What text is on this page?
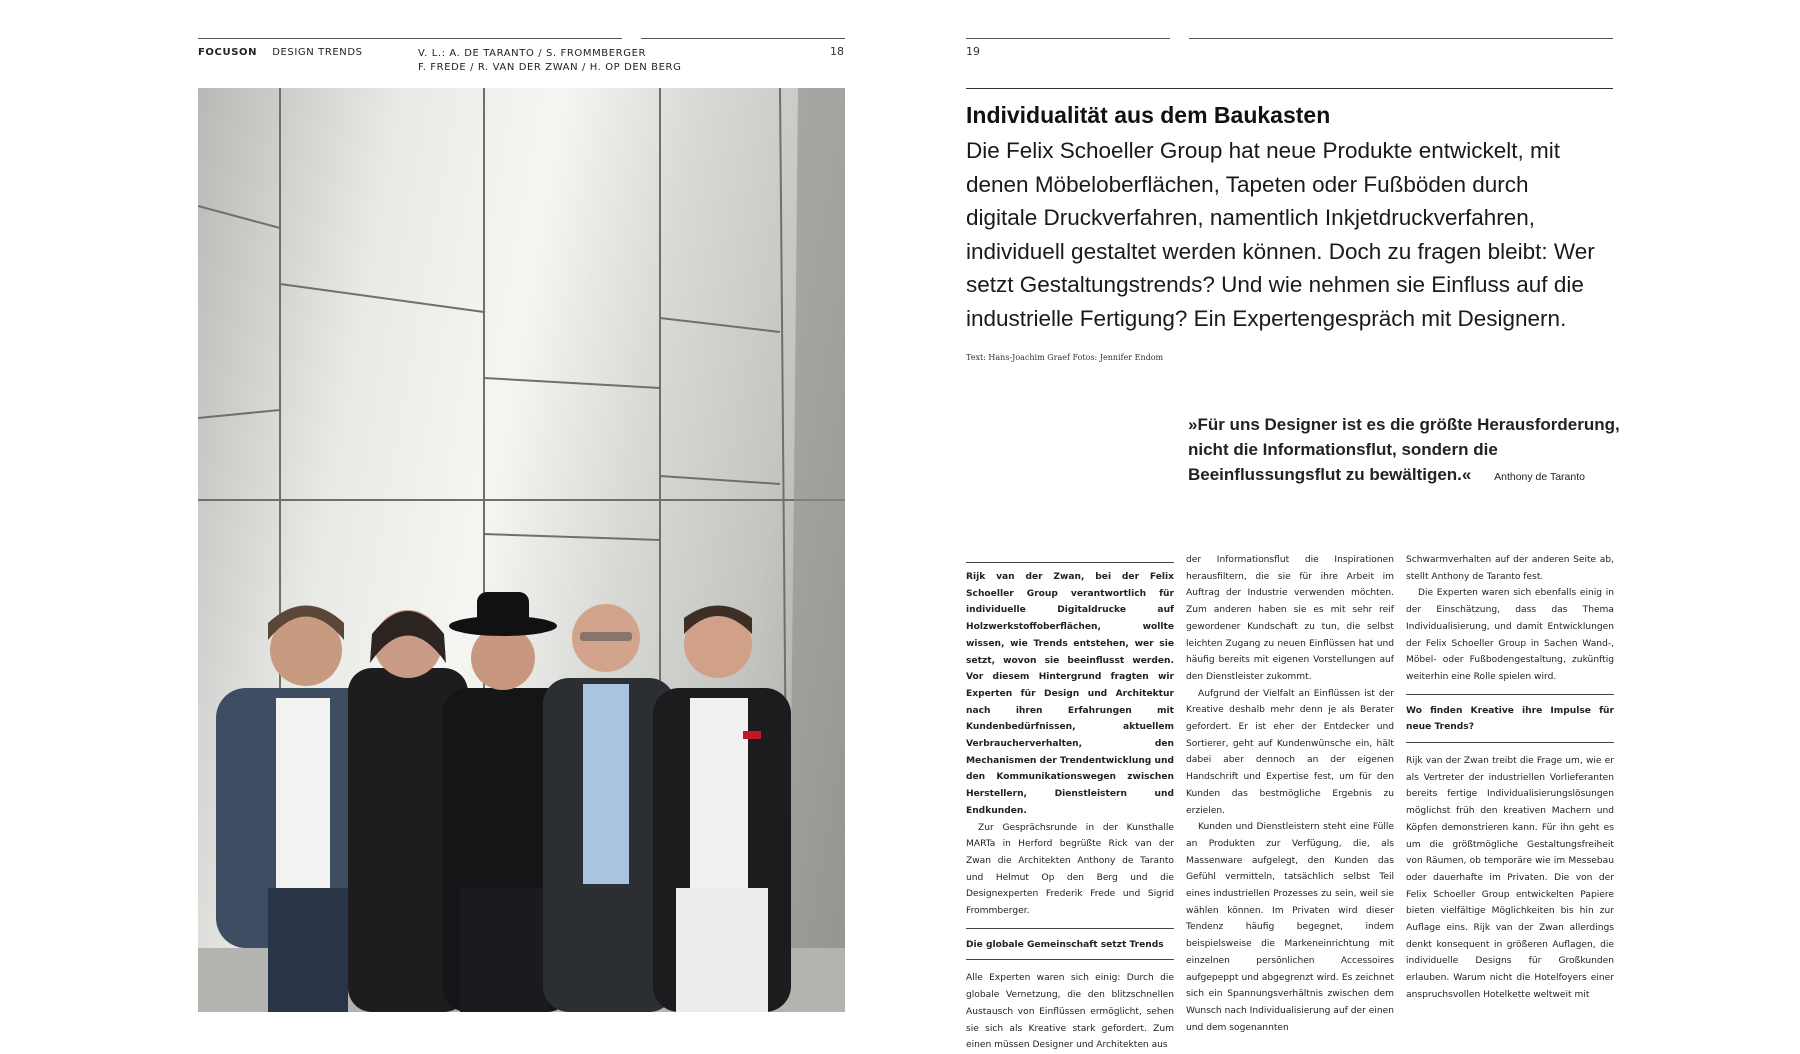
FOCUSON DESIGN TRENDS	V. L.: A. DE TARANTO / S. FROMMBERGER
F. FREDE / R. VAN DER ZWAN / H. OP DEN BERG
18	19
Individualität aus dem Baukasten
Die Felix Schoeller Group hat neue Produkte entwickelt, mit denen Möbeloberflächen, Tapeten oder Fußböden durch digitale Druckverfahren, namentlich Inkjetdruckverfahren, individuell gestaltet werden können. Doch zu fragen bleibt: Wer setzt Gestaltungstrends? Und wie nehmen sie Einfluss auf die industrielle Fertigung? Ein Expertengespräch mit Designern.
Text: Hans-Joachim Graef Fotos: Jennifer Endom
»Für uns Designer ist es die größte Herausforderung, nicht die Informationsflut, sondern die Beeinflussungsflut zu bewältigen.« Anthony de Taranto

Rijk van der Zwan, bei der Felix Schoeller Group verantwortlich für individuelle Digitaldrucke auf Holzwerkstoffoberflächen, wollte wissen, wie Trends entstehen, wer sie setzt, wovon sie beeinflusst werden. Vor diesem Hintergrund fragten wir Experten für Design und Architektur nach ihren Erfahrungen mit Kundenbedürfnissen, aktuellem Verbraucherverhalten, den Mechanismen der Trendentwicklung und den Kommunikationswegen zwischen Herstellern, Dienstleistern und Endkunden.

Zur Gesprächsrunde in der Kunsthalle MARTa in Herford begrüßte Rick van der Zwan die Architekten Anthony de Taranto und Helmut Op den Berg und die Designexperten Frederik Frede und Sigrid Frommberger.

Die globale Gemeinschaft setzt Trends

Alle Experten waren sich einig: Durch die globale Vernetzung, die den blitzschnellen Austausch von Einflüssen ermöglicht, sehen sie sich als Kreative stark gefordert. Zum einen müssen Designer und Architekten aus

der Informationsflut die Inspirationen herausfiltern, die sie für ihre Arbeit im Auftrag der Industrie verwenden möchten. Zum anderen haben sie es mit sehr reif gewordener Kundschaft zu tun, die selbst leichten Zugang zu neuen Einflüssen hat und häufig bereits mit eigenen Vorstellungen auf den Dienstleister zukommt.

Aufgrund der Vielfalt an Einflüssen ist der Kreative deshalb mehr denn je als Berater gefordert. Er ist eher der Entdecker und Sortierer, geht auf Kundenwünsche ein, hält dabei aber dennoch an der eigenen Handschrift und Expertise fest, um für den Kunden das bestmögliche Ergebnis zu erzielen.

Kunden und Dienstleistern steht eine Fülle an Produkten zur Verfügung, die, als Massenware aufgelegt, den Kunden das Gefühl vermitteln, tatsächlich selbst Teil eines industriellen Prozesses zu sein, weil sie wählen können. Im Privaten wird dieser Tendenz häufig begegnet, indem beispielsweise die Markeneinrichtung mit einzelnen persönlichen Accessoires aufgepeppt und abgegrenzt wird. Es zeichnet sich ein Spannungsverhältnis zwischen dem Wunsch nach Individualisierung auf der einen und dem sogenannten

Schwarmverhalten auf der anderen Seite ab, stellt Anthony de Taranto fest.

Die Experten waren sich ebenfalls einig in der Einschätzung, dass das Thema Individualisierung, und damit Entwicklungen der Felix Schoeller Group in Sachen Wand-, Möbel- oder Fußbodengestaltung, zukünftig weiterhin eine Rolle spielen wird.

Wo finden Kreative ihre Impulse für neue Trends?

Rijk van der Zwan treibt die Frage um, wie er als Vertreter der industriellen Vorlieferanten bereits fertige Individualisierungslösungen möglichst früh den kreativen Machern und Köpfen demonstrieren kann. Für ihn geht es um die größtmögliche Gestaltungsfreiheit von Räumen, ob temporäre wie im Messebau oder dauerhafte im Privaten. Die von der Felix Schoeller Group entwickelten Papiere bieten vielfältige Möglichkeiten bis hin zur Auflage eins. Rijk van der Zwan allerdings denkt konsequent in größeren Auflagen, die individuelle Designs für Großkunden erlauben. Warum nicht die Hotelfoyers einer anspruchsvollen Hotelkette weltweit mit
